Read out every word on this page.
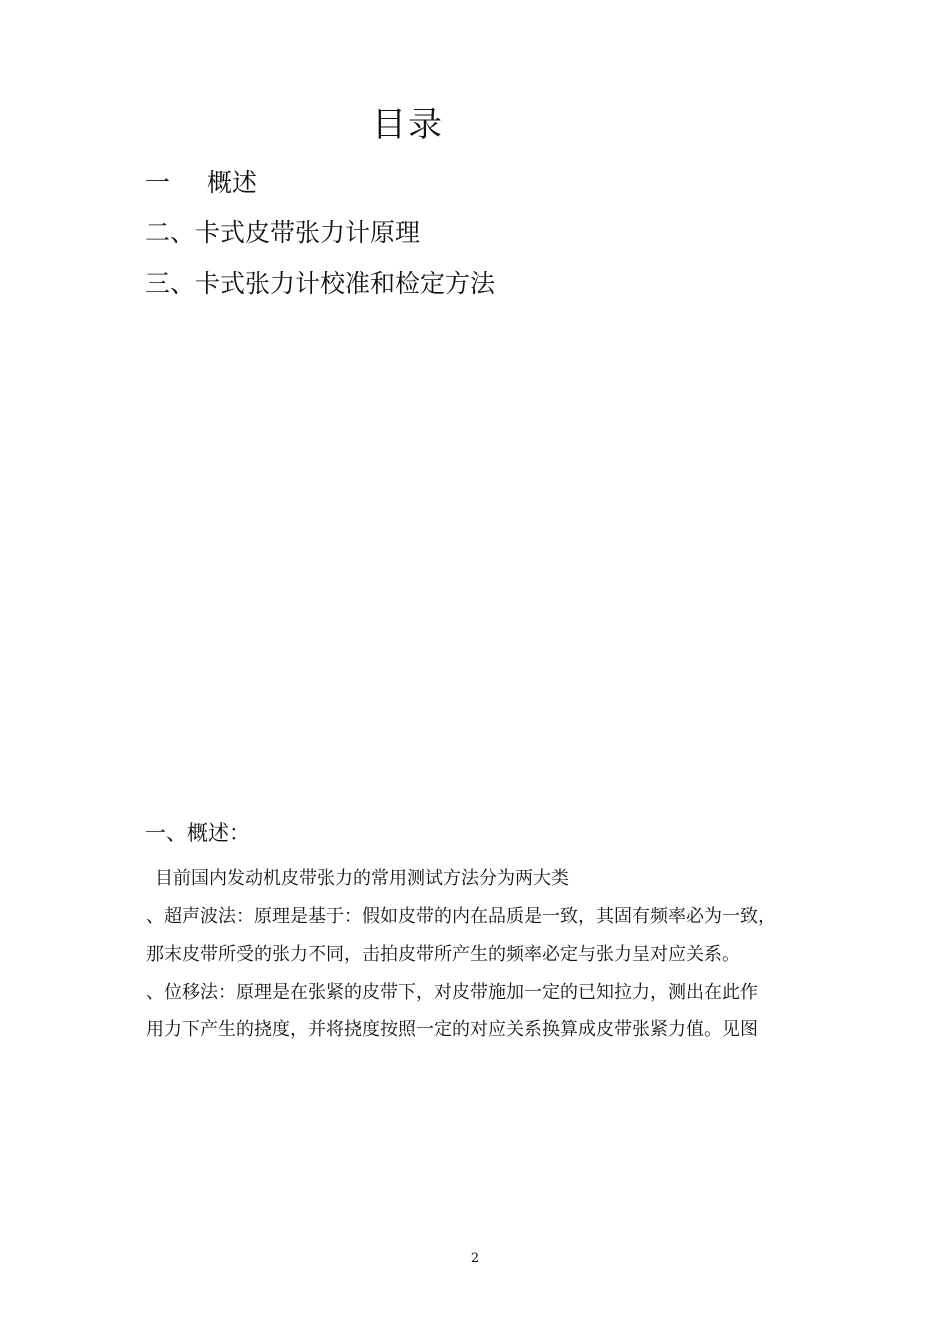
目录
一 概述
二、卡式皮带张力计原理
三、卡式张力计校准和检定方法
一、概述：
目前国内发动机皮带张力的常用测试方法分为两大类
、超声波法：原理是基于：假如皮带的内在品质是一致，其固有频率必为一致，
那末皮带所受的张力不同，击拍皮带所产生的频率必定与张力呈对应关系。
、位移法：原理是在张紧的皮带下，对皮带施加一定的已知拉力，测出在此作
用力下产生的挠度，并将挠度按照一定的对应关系换算成皮带张紧力值。见图
2
